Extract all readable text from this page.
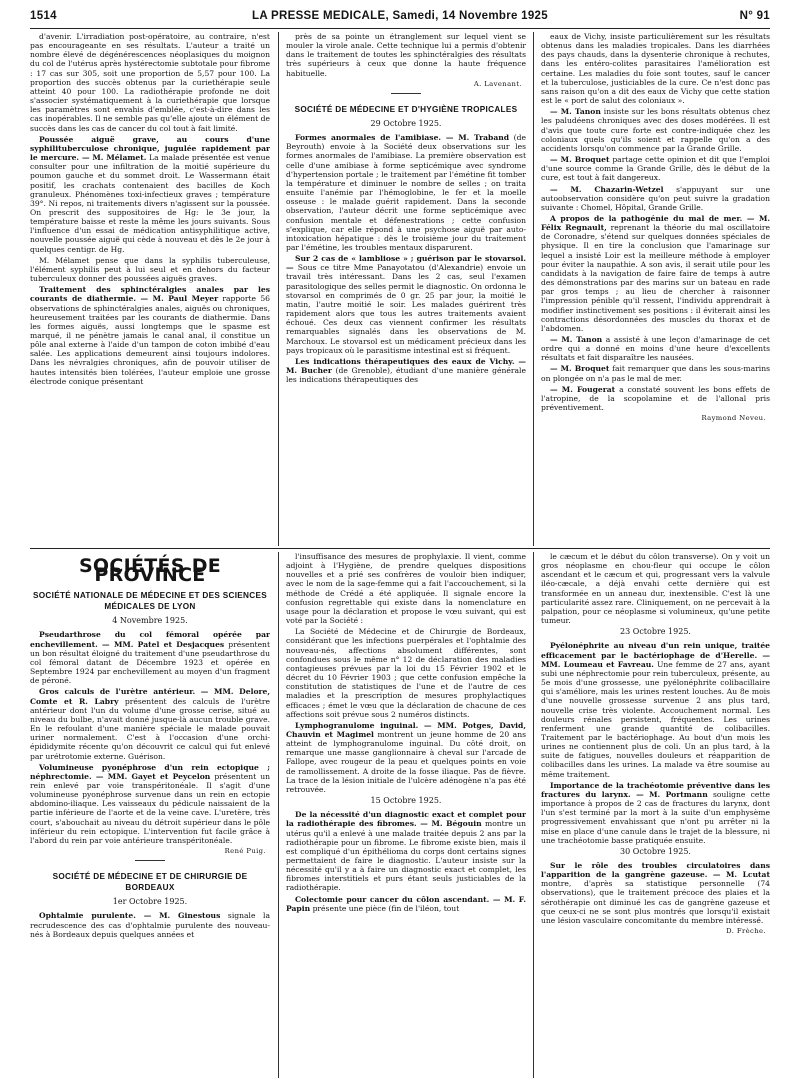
1514	LA PRESSE MEDICALE, Samedi, 14 Novembre 1925	N° 91

d'avenir. L'irradiation post-opératoire, au contraire, n'est pas encourageante en ses résultats. L'auteur a traité un nombre élevé de dégénérescences néoplasiques du moignon du col de l'utérus après hystérectomie subtotale pour fibrome : 17 cas sur 305, soit une proportion de 5,57 pour 100. La proportion des succès obtenus par la curiethérapie seule atteint 40 pour 100. La radiothérapie profonde ne doit s'associer systématiquement à la curiethérapie que lorsque les paramètres sont envahis d'emblée, c'est-à-dire dans les cas inopérables. Il ne semble pas qu'elle ajoute un élément de succès dans les cas de cancer du col tout à fait limité.

Poussée aiguë grave, au cours d'une syphilituberculose chronique, jugulée rapidement par le mercure. — M. Mélamet. La malade présentée est venue consulter pour une infiltration de la moitié supérieure du poumon gauche et du sommet droit. Le Wassermann était positif, les crachats contenaient des bacilles de Koch granuleux. Phénomènes toxi-infectieux graves ; température 39°. Ni repos, ni traitements divers n'agissent sur la poussée. On prescrit des suppositoires de Hg: le 3e jour, la température baisse et reste la même les jours suivants. Sous l'influence d'un essai de médication antisyphilitique active, nouvelle poussée aiguë qui cède à nouveau et dès le 2e jour à quelques centigr. de Hg.

M. Mélamet pense que dans la syphilis tuberculeuse, l'élément syphilis peut à lui seul et en dehors du facteur tuberculeux donner des poussées aiguës graves.

Traitement des sphinctéralgies anales par les courants de diathermie. — M. Paul Meyer rapporte 56 observations de sphinctéralgies anales, aiguës ou chroniques, heureusement traitées par les courants de diathermie. Dans les formes aiguës, aussi longtemps que le spasme est marqué, il ne pénètre jamais le canal anal, il constitue un pôle anal externe à l'aide d'un tampon de coton imbibé d'eau salée. Les applications demeurent ainsi toujours indolores. Dans les névralgies chroniques, afin de pouvoir utiliser de hautes intensités bien tolérées, l'auteur emploie une grosse électrode conique présentant

près de sa pointe un étranglement sur lequel vient se mouler la virole anale. Cette technique lui a permis d'obtenir dans le traitement de toutes les sphinctéralgies des résultats très supérieurs à ceux que donne la haute fréquence habituelle.

A. Lavenant.
SOCIÉTÉ DE MÉDECINE ET D'HYGIÈNE TROPICALES
29 Octobre 1925.

Formes anormales de l'amibiase. — M. Traband (de Beyrouth) envoie à la Société deux observations sur les formes anormales de l'amibiase. La première observation est celle d'une amibiase à forme septicémique avec syndrome d'hypertension portale ; le traitement par l'émétine fit tomber la température et diminuer le nombre de selles ; on traita ensuite l'anémie par l'hémoglobine, le fer et la moelle osseuse : le malade guérit rapidement. Dans la seconde observation, l'auteur décrit une forme septicémique avec confusion mentale et défenestrations ; cette confusion s'explique, car elle répond à une psychose aiguë par auto-intoxication hépatique : dès le troisième jour du traitement par l'émétine, les troubles mentaux disparurent.

Sur 2 cas de « lambliose » ; guérison par le stovarsol. — Sous ce titre Mme Panayotatou (d'Alexandrie) envoie un travail très intéressant. Dans les 2 cas, seul l'examen parasitologique des selles permit le diagnostic. On ordonna le stovarsol en comprimés de 0 gr. 25 par jour, la moitié le matin, l'autre moitié le soir. Les malades guérirent très rapidement alors que tous les autres traitements avaient échoué. Ces deux cas viennent confirmer les résultats remarquables signalés dans les observations de M. Marchoux. Le stovarsol est un médicament précieux dans les pays tropicaux où le parasitisme intestinal est si fréquent.

Les indications thérapeutiques des eaux de Vichy. — M. Bucher (de Grenoble), étudiant d'une manière générale les indications thérapeutiques des

eaux de Vichy, insiste particulièrement sur les résultats obtenus dans les maladies tropicales. Dans les diarrhées des pays chauds, dans la dysenterie chronique à rechutes, dans les entéro-colites parasitaires l'amélioration est certaine. Les maladies du foie sont toutes, sauf le cancer et la tuberculose, justiciables de la cure. Ce n'est donc pas sans raison qu'on a dit des eaux de Vichy que cette station est le « port de salut des coloniaux ».

— M. Tanon insiste sur les bons résultats obtenus chez les paludéens chroniques avec des doses modérées. Il est d'avis que toute cure forte est contre-indiquée chez les coloniaux quels qu'ils soient et rappelle qu'on a des accidents lorsqu'on commence par la Grande Grille.

— M. Broquet partage cette opinion et dit que l'emploi d'une source comme la Grande Grille, dès le début de la cure, est tout à fait dangereux.

— M. Chazarin-Wetzel s'appuyant sur une autoobservation considère qu'on peut suivre la gradation suivante : Chomel, Hôpital, Grande Grille.

A propos de la pathogénie du mal de mer. — M. Félix Regnault, reprenant la théorie du mal oscillatoire de Coronadre, s'étend sur quelques données spéciales de physique. Il en tire la conclusion que l'amarinage sur lequel a insisté Loir est la meilleure méthode à employer pour éviter la naupathie. A son avis, il serait utile pour les candidats à la navigation de faire faire de temps à autre des démonstrations par des marins sur un bateau en rade par gros temps ; au lieu de chercher à raisonner l'impression pénible qu'il ressent, l'individu apprendrait à modifier instinctivement ses positions : il éviterait ainsi les contractions désordonnées des muscles du thorax et de l'abdomen.

— M. Tanon a assisté à une leçon d'amarinage de cet ordre qui a donné en moins d'une heure d'excellents résultats et fait disparaître les nausées.

— M. Broquet fait remarquer que dans les sous-marins on plongée on n'a pas le mal de mer.

— M. Fougerat a constaté souvent les bons effets de l'atropine, de la scopolamine et de l'allonal pris préventivement.

Raymond Neveu.
SOCIÉTÉS DE PROVINCE
SOCIÉTÉ NATIONALE DE MÉDECINE ET DES SCIENCES MÉDICALES DE LYON
4 Novembre 1925.

Pseudarthrose du col fémoral opérée par enchevillement. — MM. Patel et Desjacques présentent un bon résultat éloigné du traitement d'une pseudarthrose du col fémoral datant de Décembre 1923 et opérée en Septembre 1924 par enchevillement au moyen d'un fragment de péroné.

Gros calculs de l'urètre antérieur. — MM. Delore, Comte et R. Labry présentent des calculs de l'urètre antérieur dont l'un du volume d'une grosse cerise, situé au niveau du bulbe, n'avait donné jusque-là aucun trouble grave. En le refoulant d'une manière spéciale le malade pouvait uriner normalement. C'est à l'occasion d'une orchi-épididymite récente qu'on découvrit ce calcul qui fut enlevé par urétrotomie externe. Guérison.

Volumineuse pyonéphrose d'un rein ectopique ; néphrectomie. — MM. Gayet et Peycelon présentent un rein enlevé par voie transpéritonéale. Il s'agit d'une volumineuse pyonéphrose survenue dans un rein en ectopie abdomino-iliaque. Les vaisseaux du pédicule naissaient de la partie inférieure de l'aorte et de la veine cave. L'uretère, très court, s'abouchait au niveau du détroit supérieur dans le pôle inférieur du rein ectopique. L'intervention fut facile grâce à l'abord du rein par voie antérieure transpéritonéale.

René Puig.
SOCIÉTÉ DE MÉDECINE ET DE CHIRURGIE DE BORDEAUX
1er Octobre 1925.

Ophtalmie purulente. — M. Ginestous signale la recrudescence des cas d'ophtalmie purulente des nouveau-nés à Bordeaux depuis quelques années et

l'insuffisance des mesures de prophylaxie. Il vient, comme adjoint à l'Hygiène, de prendre quelques dispositions nouvelles et a prié ses confrères de vouloir bien indiquer, avec le nom de la sage-femme qui a fait l'accouchement, si la méthode de Crédé a été appliquée. Il signale encore la confusion regrettable qui existe dans la nomenclature en usage pour la déclaration et propose le vœu suivant, qui est voté par la Société :

La Société de Médecine et de Chirurgie de Bordeaux, considérant que les infections puerpérales et l'ophtalmie des nouveau-nés, affections absolument différentes, sont confondues sous le même n° 12 de déclaration des maladies contagieuses prévues par la loi du 15 Février 1902 et le décret du 10 Février 1903 ; que cette confusion empêche la constitution de statistiques de l'une et de l'autre de ces maladies et la prescription de mesures prophylactiques efficaces ; émet le vœu que la déclaration de chacune de ces affections soit prévue sous 2 numéros distincts.

Lymphogranulome inguinal. — MM. Potges, David, Chauvin et Magimel montrent un jeune homme de 20 ans atteint de lymphogranulome inguinal. Du côté droit, on remarque une masse ganglionnaire à cheval sur l'arcade de Fallope, avec rougeur de la peau et quelques points en voie de ramollissement. A droite de la fosse iliaque. Pas de fièvre. La trace de la lésion initiale de l'ulcère adénogène n'a pas été retrouvée.

15 Octobre 1925.

De la nécessité d'un diagnostic exact et complet pour la radiothérapie des fibromes. — M. Bégouin montre un utérus qu'il a enlevé à une malade traitée depuis 2 ans par la radiothérapie pour un fibrome. Le fibrome existe bien, mais il est compliqué d'un épithélioma du corps dont certains signes permettaient de faire le diagnostic. L'auteur insiste sur la nécessité qu'il y a à faire un diagnostic exact et complet, les fibromes interstitiels et purs étant seuls justiciables de la radiothérapie.

Colectomie pour cancer du côlon ascendant. — M. F. Papin présente une pièce (fin de l'iléon, tout

le cæcum et le début du côlon transverse). On y voit un gros néoplasme en chou-fleur qui occupe le côlon ascendant et le cæcum et qui, progressant vers la valvule iléo-cæcale, a déjà envahi cette dernière qui est transformée en un anneau dur, inextensible. C'est là une particularité assez rare. Cliniquement, on ne percevait à la palpation, pour ce néoplasme si volumineux, qu'une petite tumeur.

23 Octobre 1925.

Pyélonéphrite au niveau d'un rein unique, traitée efficacement par le bactériophage de d'Herelle. — MM. Loumeau et Favreau. Une femme de 27 ans, ayant subi une néphrectomie pour rein tuberculeux, présente, au 5e mois d'une grossesse, une pyélonéphrite colibacillaire qui s'améliore, mais les urines restent louches. Au 8e mois d'une nouvelle grossesse survenue 2 ans plus tard, nouvelle crise très violente. Accouchement normal. Les douleurs rénales persistent, fréquentes. Les urines renferment une grande quantité de colibacilles. Traitement par le bactériophage. Au bout d'un mois les urines ne contiennent plus de coli. Un an plus tard, à la suite de fatigues, nouvelles douleurs et réapparition de colibacilles dans les urines. La malade va être soumise au même traitement.

Importance de la trachéotomie préventive dans les fractures du larynx. — M. Portmann souligne cette importance à propos de 2 cas de fractures du larynx, dont l'un s'est terminé par la mort à la suite d'un emphysème progressivement envahissant que n'ont pu arrêter ni la mise en place d'une canule dans le trajet de la blessure, ni une trachéotomie basse pratiquée ensuite.

30 Octobre 1925.

Sur le rôle des troubles circulatoires dans l'apparition de la gangrène gazeuse. — M. Lcutat montre, d'après sa statistique personnelle (74 observations), que le traitement précoce des plaies et la sérothérapie ont diminué les cas de gangrène gazeuse et que ceux-ci ne se sont plus montrés que lorsqu'il existait une lésion vasculaire concomitante du membre intéressé.

D. Frèche.
